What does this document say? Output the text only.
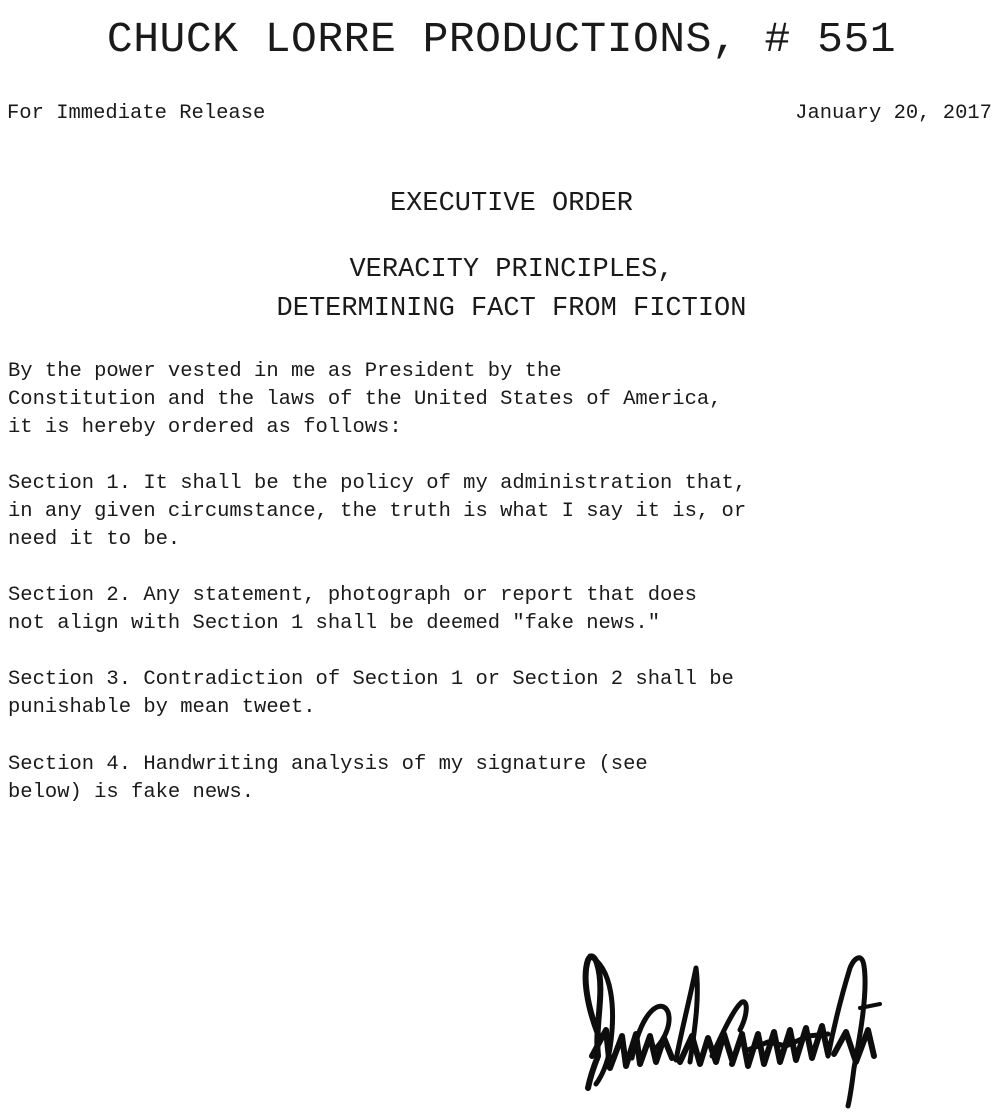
CHUCK LORRE PRODUCTIONS, # 551
For Immediate Release	January 20, 2017
EXECUTIVE ORDER
VERACITY PRINCIPLES,
DETERMINING FACT FROM FICTION

By the power vested in me as President by the
Constitution and the laws of the United States of America,
it is hereby ordered as follows:

Section 1. It shall be the policy of my administration that,
in any given circumstance, the truth is what I say it is, or
need it to be.

Section 2. Any statement, photograph or report that does
not align with Section 1 shall be deemed "fake news."

Section 3. Contradiction of Section 1 or Section 2 shall be
punishable by mean tweet.

Section 4. Handwriting analysis of my signature (see
below) is fake news.
